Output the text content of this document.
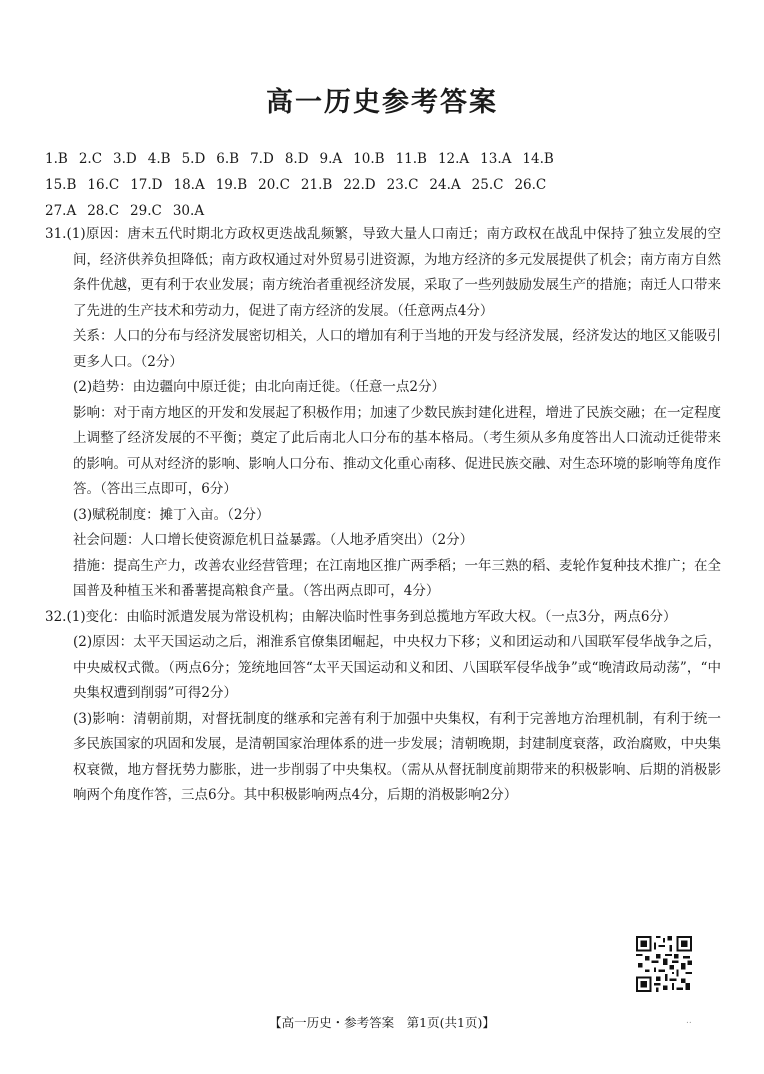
高一历史参考答案
1.B 2.C 3.D 4.B 5.D 6.B 7.D 8.D 9.A 10.B 11.B 12.A 13.A 14.B
15.B 16.C 17.D 18.A 19.B 20.C 21.B 22.D 23.C 24.A 25.C 26.C
27.A 28.C 29.C 30.A

31.(1)原因：唐末五代时期北方政权更迭战乱频繁，导致大量人口南迁；南方政权在战乱中保持了独立发展的空间，经济供养负担降低；南方政权通过对外贸易引进资源，为地方经济的多元发展提供了机会；南方南方自然条件优越，更有利于农业发展；南方统治者重视经济发展，采取了一些列鼓励发展生产的措施；南迁人口带来了先进的生产技术和劳动力，促进了南方经济的发展。（任意两点4分）

关系：人口的分布与经济发展密切相关，人口的增加有利于当地的开发与经济发展，经济发达的地区又能吸引更多人口。（2分）

(2)趋势：由边疆向中原迁徙；由北向南迁徙。（任意一点2分）

影响：对于南方地区的开发和发展起了积极作用；加速了少数民族封建化进程，增进了民族交融；在一定程度上调整了经济发展的不平衡；奠定了此后南北人口分布的基本格局。（考生须从多角度答出人口流动迁徙带来的影响。可从对经济的影响、影响人口分布、推动文化重心南移、促进民族交融、对生态环境的影响等角度作答。（答出三点即可，6分）

(3)赋税制度：摊丁入亩。（2分）

社会问题：人口增长使资源危机日益暴露。（人地矛盾突出）（2分）

措施：提高生产力，改善农业经营管理；在江南地区推广两季稻；一年三熟的稻、麦轮作复种技术推广；在全国普及种植玉米和番薯提高粮食产量。（答出两点即可，4分）

32.(1)变化：由临时派遣发展为常设机构；由解决临时性事务到总揽地方军政大权。（一点3分，两点6分）

(2)原因：太平天国运动之后，湘淮系官僚集团崛起，中央权力下移；义和团运动和八国联军侵华战争之后，中央威权式微。（两点6分；笼统地回答“太平天国运动和义和团、八国联军侵华战争”或“晚清政局动荡”，“中央集权遭到削弱”可得2分）

(3)影响：清朝前期，对督抚制度的继承和完善有利于加强中央集权，有利于完善地方治理机制，有利于统一多民族国家的巩固和发展，是清朝国家治理体系的进一步发展；清朝晚期，封建制度衰落，政治腐败，中央集权衰微，地方督抚势力膨胀，进一步削弱了中央集权。（需从从督抚制度前期带来的积极影响、后期的消极影响两个角度作答，三点6分。其中积极影响两点4分，后期的消极影响2分）

【高一历史・参考答案　第1页(共1页)】	..
